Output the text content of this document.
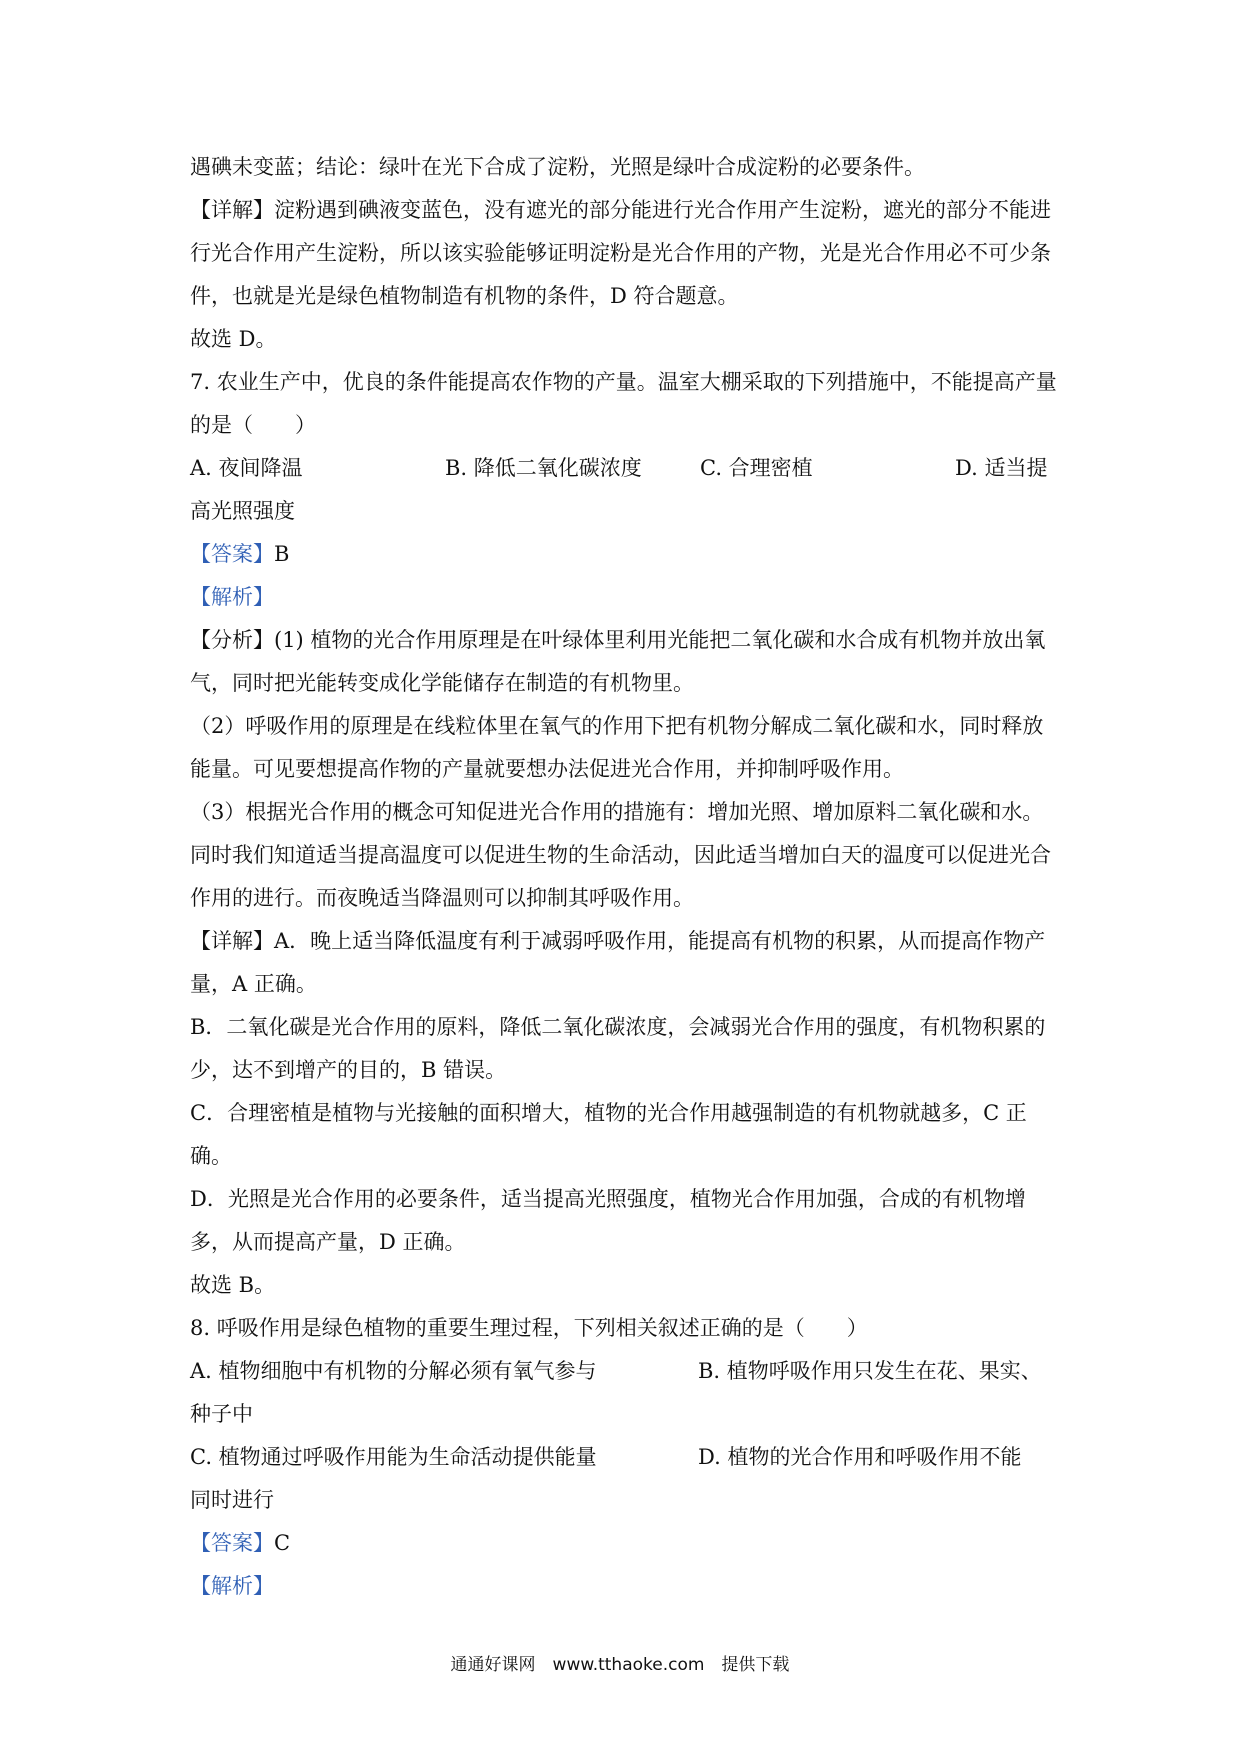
遇碘未变蓝；结论：绿叶在光下合成了淀粉，光照是绿叶合成淀粉的必要条件。

【详解】淀粉遇到碘液变蓝色，没有遮光的部分能进行光合作用产生淀粉，遮光的部分不能进行光合作用产生淀粉，所以该实验能够证明淀粉是光合作用的产物，光是光合作用必不可少条件，也就是光是绿色植物制造有机物的条件，D 符合题意。

故选 D。

7. 农业生产中，优良的条件能提高农作物的产量。温室大棚采取的下列措施中，不能提高产量的是（　　）

A. 夜间降温	B. 降低二氧化碳浓度	C. 合理密植	D. 适当提

高光照强度

【答案】B

【解析】

【分析】(1) 植物的光合作用原理是在叶绿体里利用光能把二氧化碳和水合成有机物并放出氧气，同时把光能转变成化学能储存在制造的有机物里。

（2）呼吸作用的原理是在线粒体里在氧气的作用下把有机物分解成二氧化碳和水，同时释放能量。可见要想提高作物的产量就要想办法促进光合作用，并抑制呼吸作用。

（3）根据光合作用的概念可知促进光合作用的措施有：增加光照、增加原料二氧化碳和水。同时我们知道适当提高温度可以促进生物的生命活动，因此适当增加白天的温度可以促进光合作用的进行。而夜晚适当降温则可以抑制其呼吸作用。

【详解】A．晚上适当降低温度有利于减弱呼吸作用，能提高有机物的积累，从而提高作物产量，A 正确。

B．二氧化碳是光合作用的原料，降低二氧化碳浓度，会减弱光合作用的强度，有机物积累的少，达不到增产的目的，B 错误。

C．合理密植是植物与光接触的面积增大，植物的光合作用越强制造的有机物就越多，C 正确。

D．光照是光合作用的必要条件，适当提高光照强度，植物光合作用加强，合成的有机物增多，从而提高产量，D 正确。

故选 B。

8. 呼吸作用是绿色植物的重要生理过程，下列相关叙述正确的是（　　）

A. 植物细胞中有机物的分解必须有氧气参与	B. 植物呼吸作用只发生在花、果实、

种子中

C. 植物通过呼吸作用能为生命活动提供能量	D. 植物的光合作用和呼吸作用不能

同时进行

【答案】C

【解析】

通通好课网　www.tthaoke.com　提供下载
